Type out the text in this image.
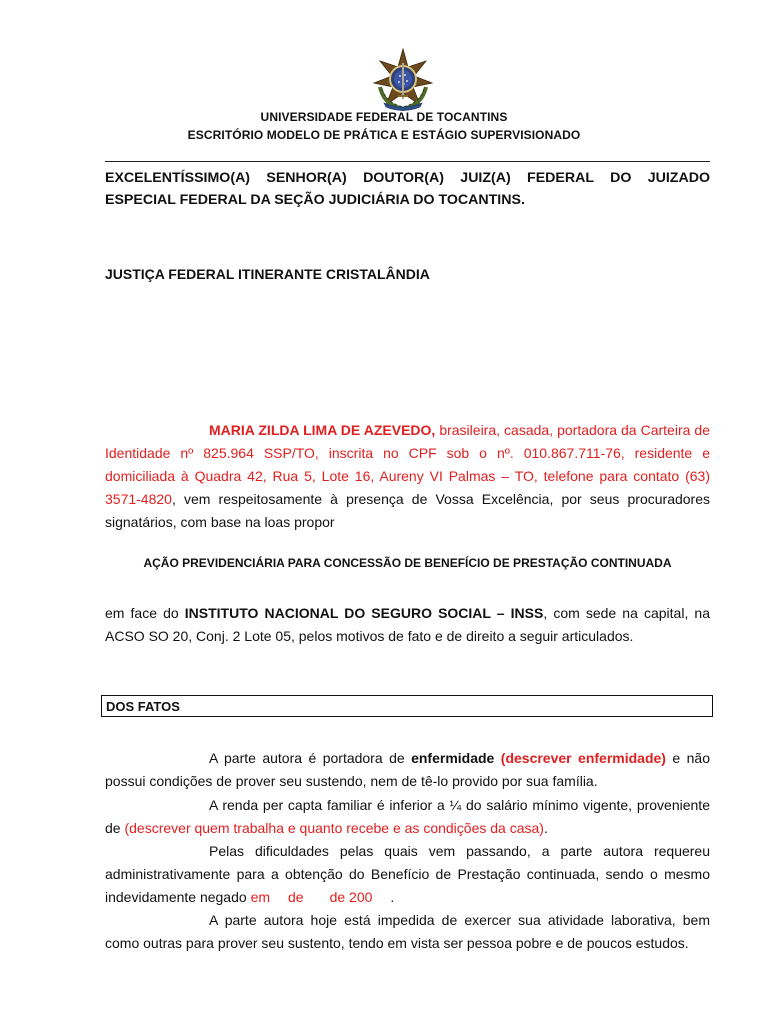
UNIVERSIDADE FEDERAL DE TOCANTINS
ESCRITÓRIO MODELO DE PRÁTICA E ESTÁGIO SUPERVISIONADO
EXCELENTÍSSIMO(A) SENHOR(A) DOUTOR(A) JUIZ(A) FEDERAL DO JUIZADO ESPECIAL FEDERAL DA SEÇÃO JUDICIÁRIA DO TOCANTINS.
JUSTIÇA FEDERAL ITINERANTE CRISTALÂNDIA
MARIA ZILDA LIMA DE AZEVEDO, brasileira, casada, portadora da Carteira de Identidade nº 825.964 SSP/TO, inscrita no CPF sob o nº. 010.867.711-76, residente e domiciliada à Quadra 42, Rua 5, Lote 16, Aureny VI Palmas – TO, telefone para contato (63) 3571-4820, vem respeitosamente à presença de Vossa Excelência, por seus procuradores signatários, com base na loas propor
AÇÃO PREVIDENCIÁRIA PARA CONCESSÃO DE BENEFÍCIO DE PRESTAÇÃO CONTINUADA
em face do INSTITUTO NACIONAL DO SEGURO SOCIAL – INSS, com sede na capital, na ACSO SO 20, Conj. 2 Lote 05, pelos motivos de fato e de direito a seguir articulados.
DOS FATOS
A parte autora é portadora de enfermidade (descrever enfermidade) e não possui condições de prover seu sustendo, nem de tê-lo provido por sua família.
A renda per capta familiar é inferior a ¼ do salário mínimo vigente, proveniente de (descrever quem trabalha e quanto recebe e as condições da casa).
Pelas dificuldades pelas quais vem passando, a parte autora requereu administrativamente para a obtenção do Benefício de Prestação continuada, sendo o mesmo indevidamente negado em de de 200 .
A parte autora hoje está impedida de exercer sua atividade laborativa, bem como outras para prover seu sustento, tendo em vista ser pessoa pobre e de poucos estudos.
